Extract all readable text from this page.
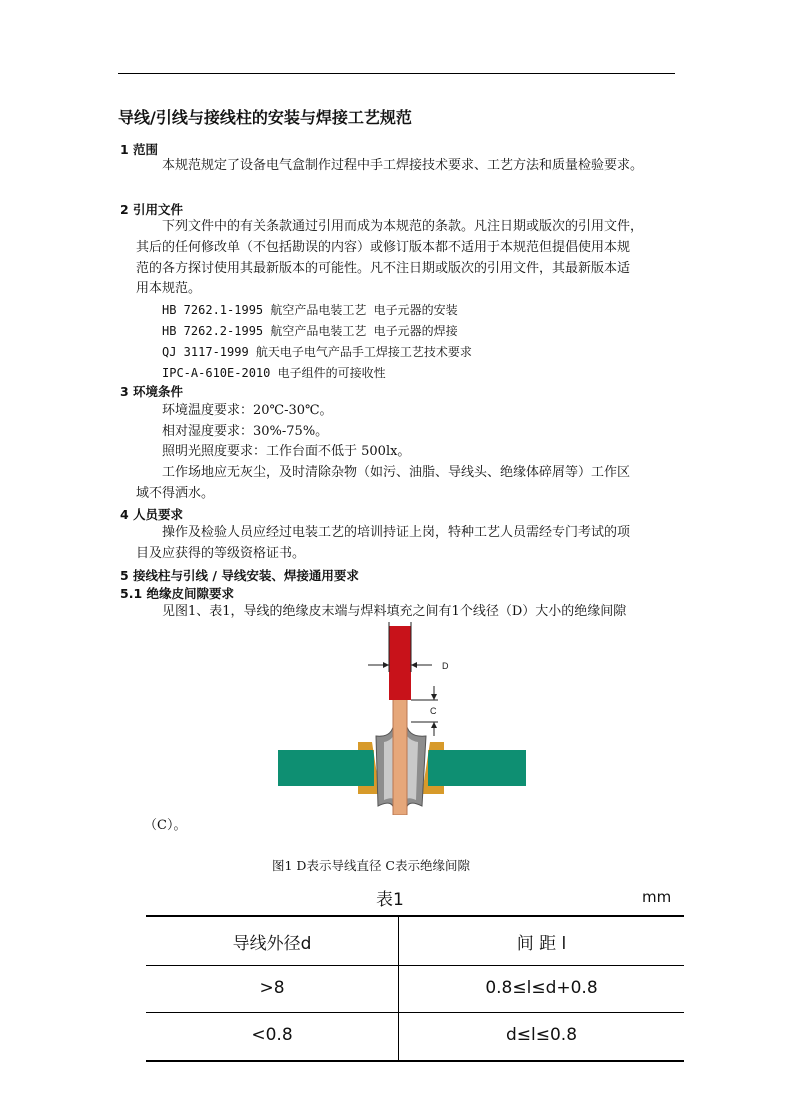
导线/引线与接线柱的安装与焊接工艺规范
1 范围
本规范规定了设备电气盒制作过程中手工焊接技术要求、工艺方法和质量检验要求。
2 引用文件
下列文件中的有关条款通过引用而成为本规范的条款。凡注日期或版次的引用文件，
其后的任何修改单（不包括勘误的内容）或修订版本都不适用于本规范但提倡使用本规
范的各方探讨使用其最新版本的可能性。凡不注日期或版次的引用文件，其最新版本适
用本规范。
HB 7262.1-1995 航空产品电装工艺 电子元器的安装
HB 7262.2-1995 航空产品电装工艺 电子元器的焊接
QJ 3117-1999 航天电子电气产品手工焊接工艺技术要求
IPC-A-610E-2010 电子组件的可接收性
3 环境条件
环境温度要求：20℃-30℃。
相对湿度要求：30%-75%。
照明光照度要求：工作台面不低于 500lx。
工作场地应无灰尘，及时清除杂物（如污、油脂、导线头、绝缘体碎屑等）工作区
域不得洒水。
4 人员要求
操作及检验人员应经过电装工艺的培训持证上岗，特种工艺人员需经专门考试的项
目及应获得的等级资格证书。
5 接线柱与引线 / 导线安装、焊接通用要求
5.1 绝缘皮间隙要求
见图1、表1，导线的绝缘皮末端与焊料填充之间有1个线径（D）大小的绝缘间隙
D
C
（C）。
图1 D表示导线直径 C表示绝缘间隙
表1	mm
导线外径d	间 距 l
>8	0.8≤l≤d+0.8
<0.8	d≤l≤0.8
